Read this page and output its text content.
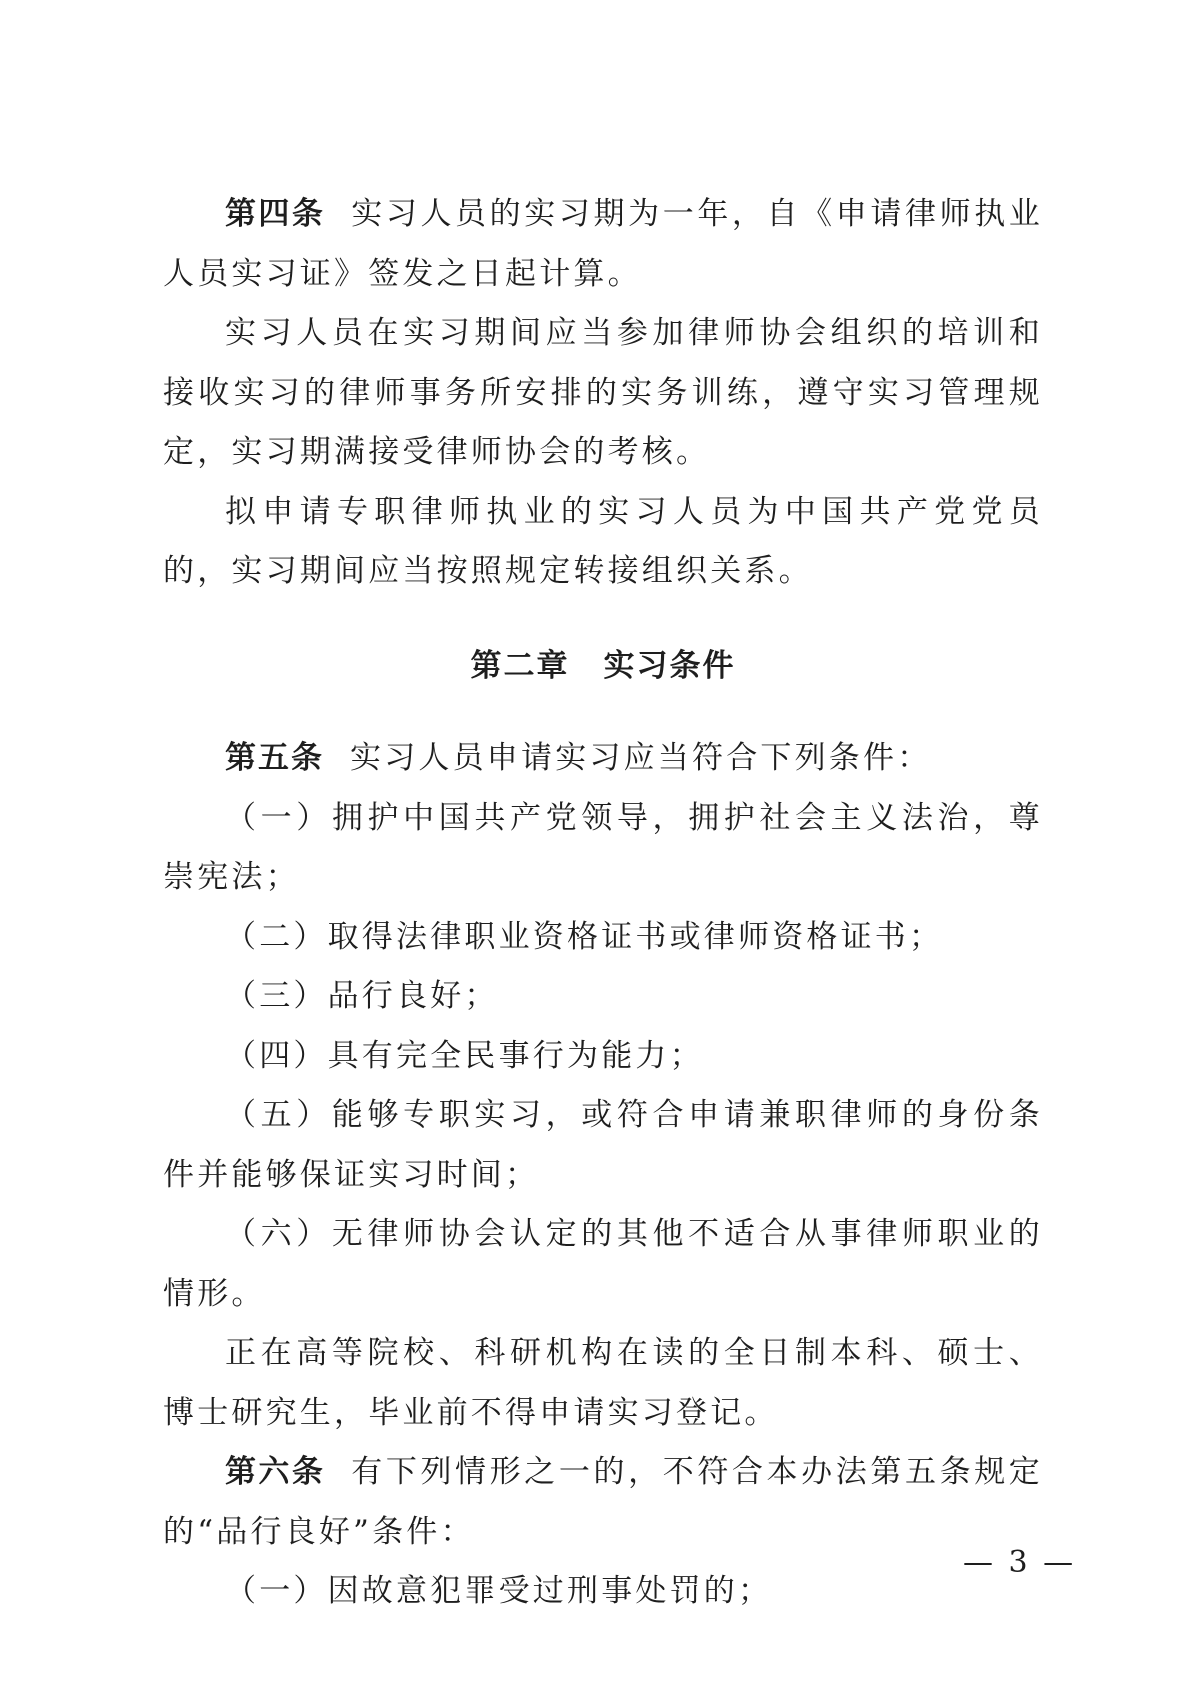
第四条 实习人员的实习期为一年，自《申请律师执业人员实习证》签发之日起计算。

实习人员在实习期间应当参加律师协会组织的培训和接收实习的律师事务所安排的实务训练，遵守实习管理规定，实习期满接受律师协会的考核。

拟申请专职律师执业的实习人员为中国共产党党员的，实习期间应当按照规定转接组织关系。

第二章 实习条件

第五条 实习人员申请实习应当符合下列条件：

（一）拥护中国共产党领导，拥护社会主义法治，尊崇宪法；

（二）取得法律职业资格证书或律师资格证书；

（三）品行良好；

（四）具有完全民事行为能力；

（五）能够专职实习，或符合申请兼职律师的身份条件并能够保证实习时间；

（六）无律师协会认定的其他不适合从事律师职业的情形。

正在高等院校、科研机构在读的全日制本科、硕士、博士研究生，毕业前不得申请实习登记。

第六条 有下列情形之一的，不符合本办法第五条规定的“品行良好”条件：

（一）因故意犯罪受过刑事处罚的；

— 3 —
